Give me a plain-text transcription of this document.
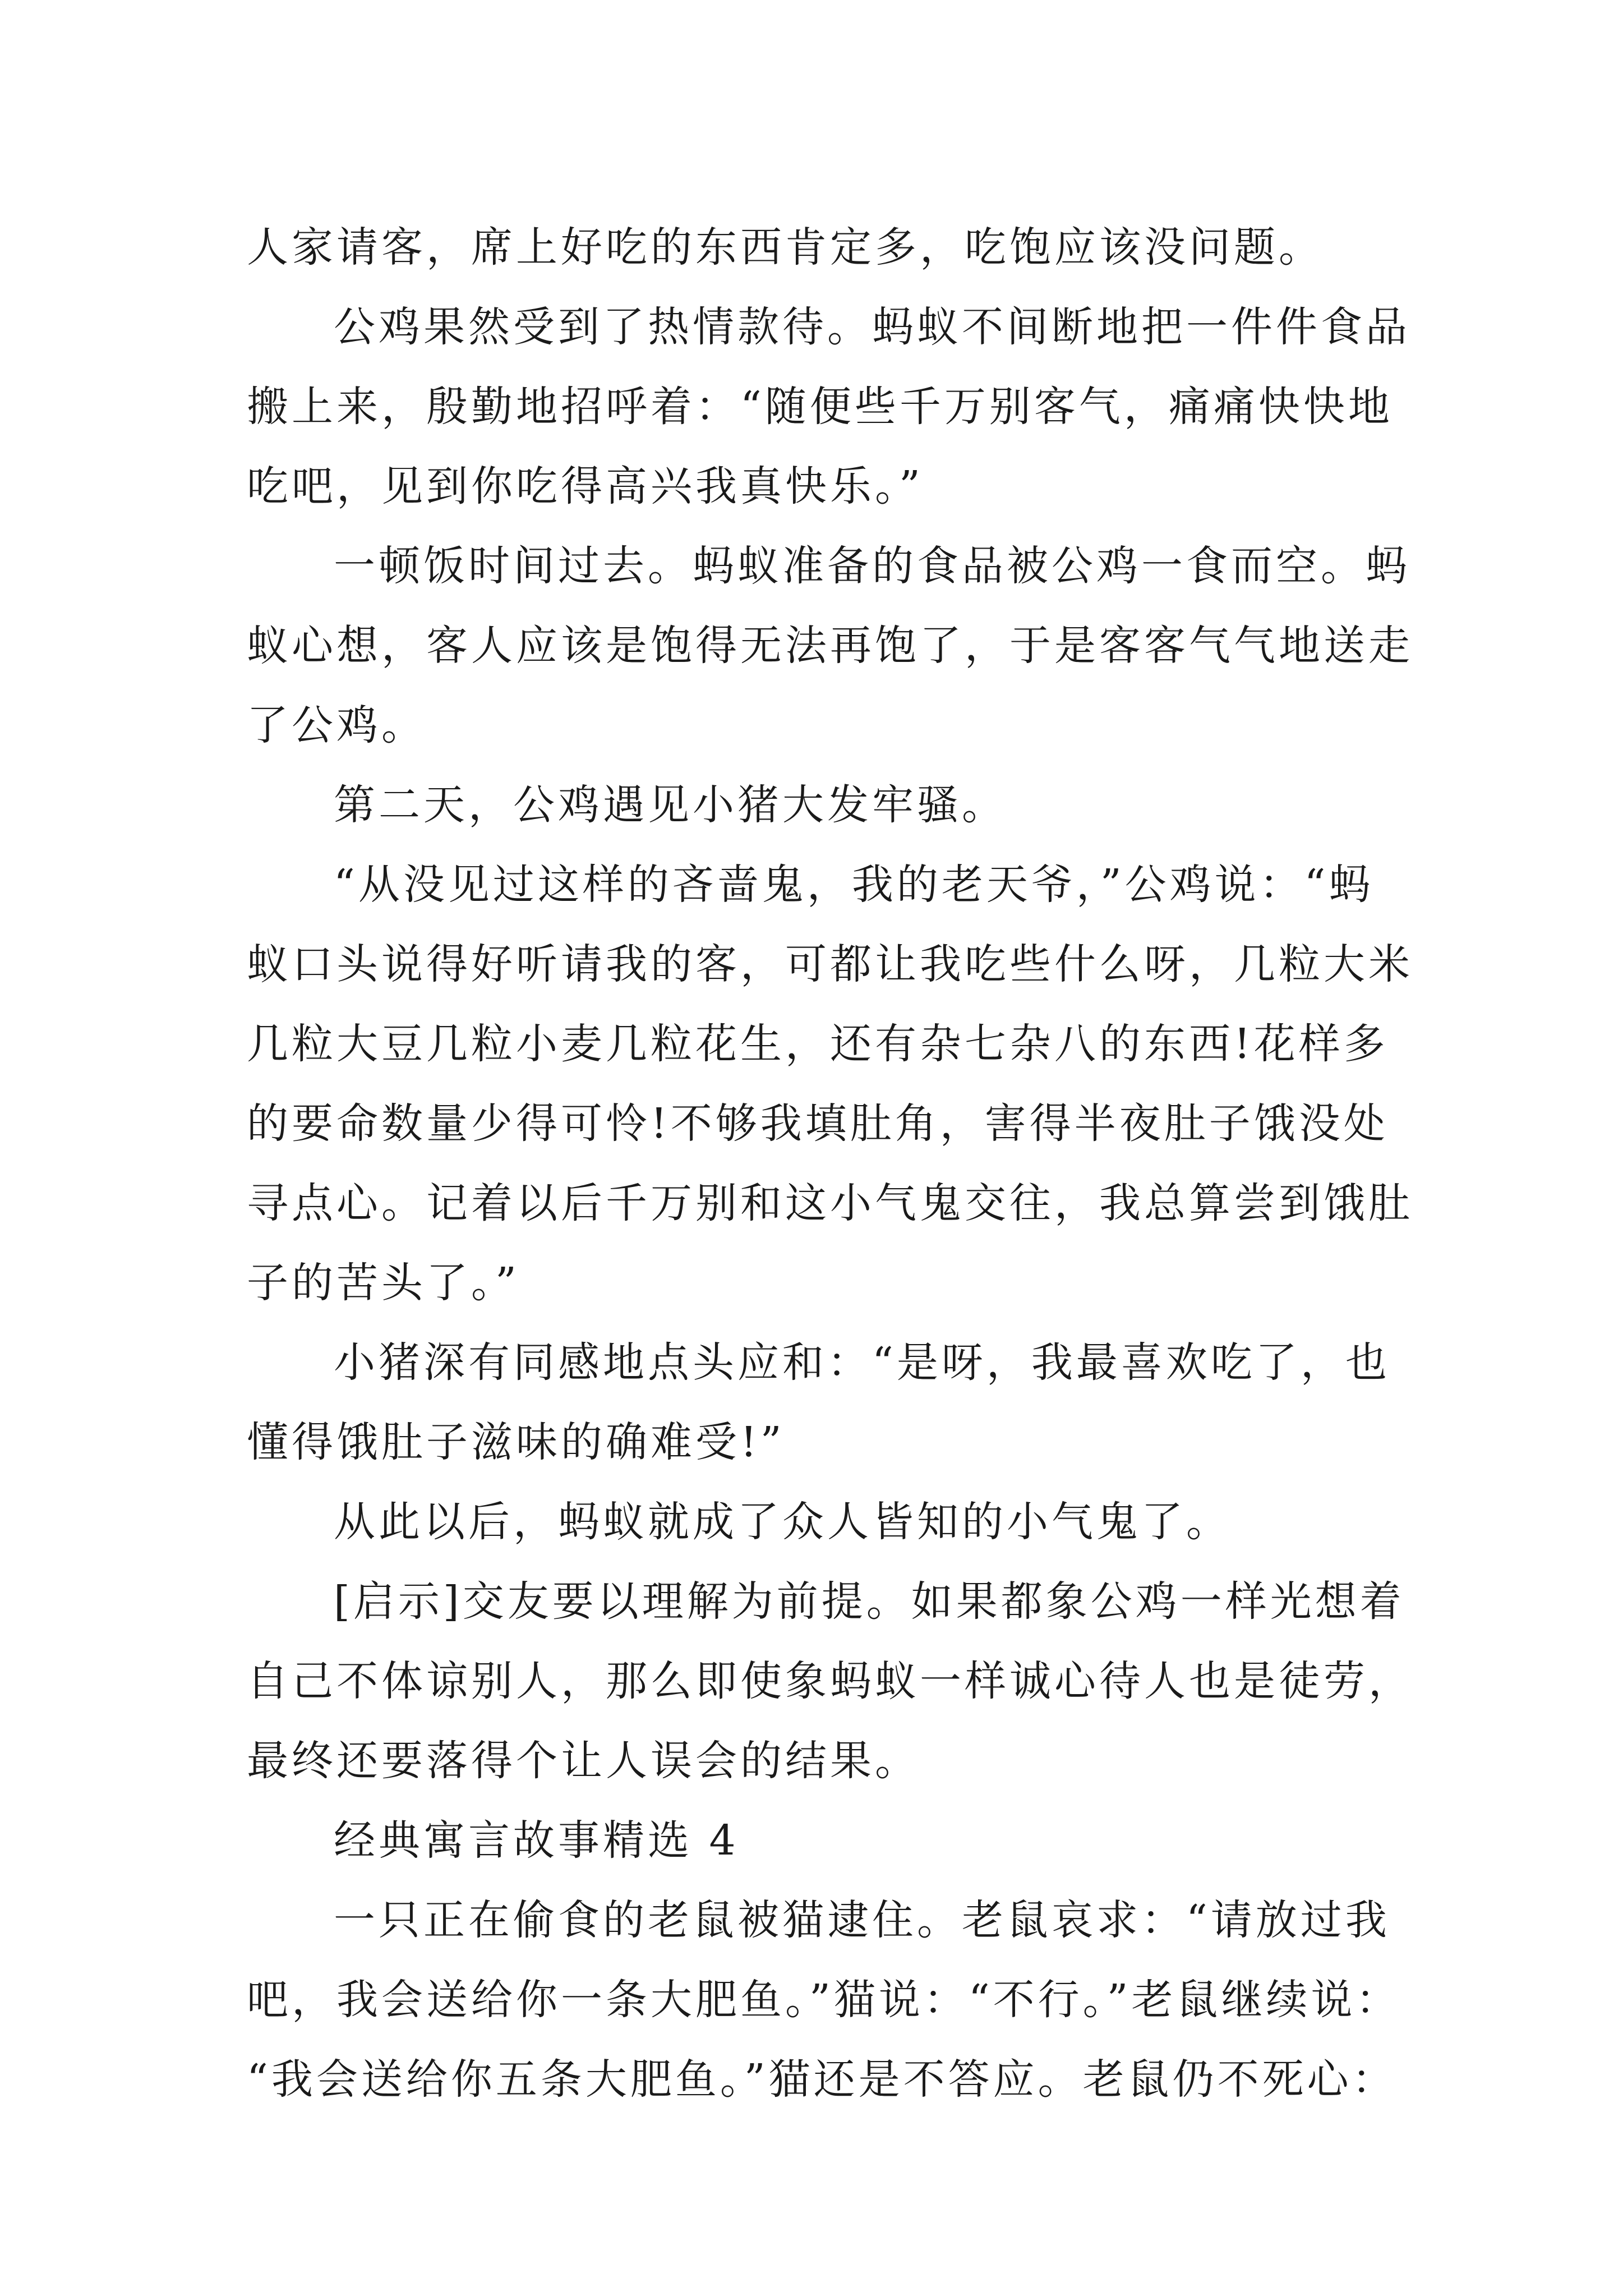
人家请客，席上好吃的东西肯定多，吃饱应该没问题。
公鸡果然受到了热情款待。蚂蚁不间断地把一件件食品
搬上来，殷勤地招呼着：“随便些千万别客气，痛痛快快地
吃吧，见到你吃得高兴我真快乐。”
一顿饭时间过去。蚂蚁准备的食品被公鸡一食而空。蚂
蚁心想，客人应该是饱得无法再饱了，于是客客气气地送走
了公鸡。
第二天，公鸡遇见小猪大发牢骚。
“从没见过这样的吝啬鬼，我的老天爷，”公鸡说：“蚂
蚁口头说得好听请我的客，可都让我吃些什么呀，几粒大米
几粒大豆几粒小麦几粒花生，还有杂七杂八的东西!花样多
的要命数量少得可怜!不够我填肚角，害得半夜肚子饿没处
寻点心。记着以后千万别和这小气鬼交往，我总算尝到饿肚
子的苦头了。”
小猪深有同感地点头应和：“是呀，我最喜欢吃了，也
懂得饿肚子滋味的确难受!”
从此以后，蚂蚁就成了众人皆知的小气鬼了。
[启示]交友要以理解为前提。如果都象公鸡一样光想着
自己不体谅别人，那么即使象蚂蚁一样诚心待人也是徒劳，
最终还要落得个让人误会的结果。
经典寓言故事精选 4
一只正在偷食的老鼠被猫逮住。老鼠哀求：“请放过我
吧，我会送给你一条大肥鱼。”猫说：“不行。”老鼠继续说：
“我会送给你五条大肥鱼。”猫还是不答应。老鼠仍不死心：
